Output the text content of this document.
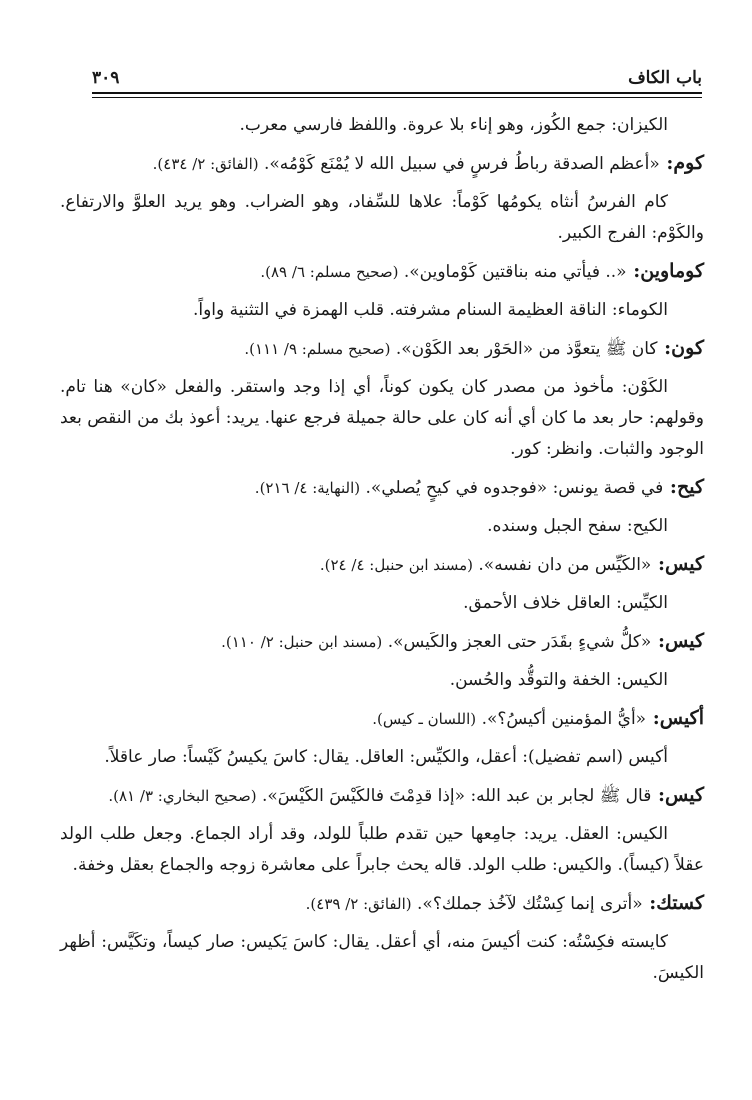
باب الكاف
٣٠٩

الكيزان: جمع الكُوز، وهو إناء بلا عروة. واللفظ فارسي معرب.

كوم: «أعظم الصدقة رباطُ فرسٍ في سبيل الله لا يُمْنَع كَوْمُه». (الفائق: ٢/ ٤٣٤).

كام الفرسُ أنثاه يكومُها كَوْماً: علاها للسِّفاد، وهو الضراب. وهو يريد العلوَّ والارتفاع. والكَوْم: الفرج الكبير.

كوماوين: «.. فيأتي منه بناقتين كَوْماوين». (صحيح مسلم: ٦/ ٨٩).

الكوماء: الناقة العظيمة السنام مشرفته. قلب الهمزة في التثنية واواً.

كون: كان ﷺ يتعوَّذ من «الحَوْر بعد الكَوْن». (صحيح مسلم: ٩/ ١١١).

الكَوْن: مأخوذ من مصدر كان يكون كوناً، أي إذا وجد واستقر. والفعل «كان» هنا تام. وقولهم: حار بعد ما كان أي أنه كان على حالة جميلة فرجع عنها. يريد: أعوذ بك من النقص بعد الوجود والثبات. وانظر: كور.

كيح: في قصة يونس: «فوجدوه في كيحٍ يُصلي». (النهاية: ٤/ ٢١٦).

الكيح: سفح الجبل وسنده.

كيس: «الكَيِّس من دان نفسه». (مسند ابن حنبل: ٤/ ٢٤).

الكيِّس: العاقل خلاف الأحمق.

كيس: «كلُّ شيءٍ بقَدَر حتى العجز والكَيس». (مسند ابن حنبل: ٢/ ١١٠).

الكيس: الخفة والتوقُّد والحُسن.

أكيس: «أيُّ المؤمنين أكيسُ؟». (اللسان ـ كيس).

أكيس (اسم تفضيل): أعقل، والكيِّس: العاقل. يقال: كاسَ يكيسُ كَيْساً: صار عاقلاً.

كيس: قال ﷺ لجابر بن عبد الله: «إذا قدِمْتَ فالكَيْسَ الكَيْسَ». (صحيح البخاري: ٣/ ٨١).

الكيس: العقل. يريد: جامِعها حين تقدم طلباً للولد، وقد أراد الجماع. وجعل طلب الولد عقلاً (كيساً). والكيس: طلب الولد. قاله يحث جابراً على معاشرة زوجه والجماع بعقل وخفة.

كستك: «أترى إنما كِسْتُك لآخُذ جملك؟». (الفائق: ٢/ ٤٣٩).

كايسته فكِسْتُه: كنت أكيسَ منه، أي أعقل. يقال: كاسَ يَكيس: صار كيساً، وتكَيَّس: أظهر الكيسَ.
